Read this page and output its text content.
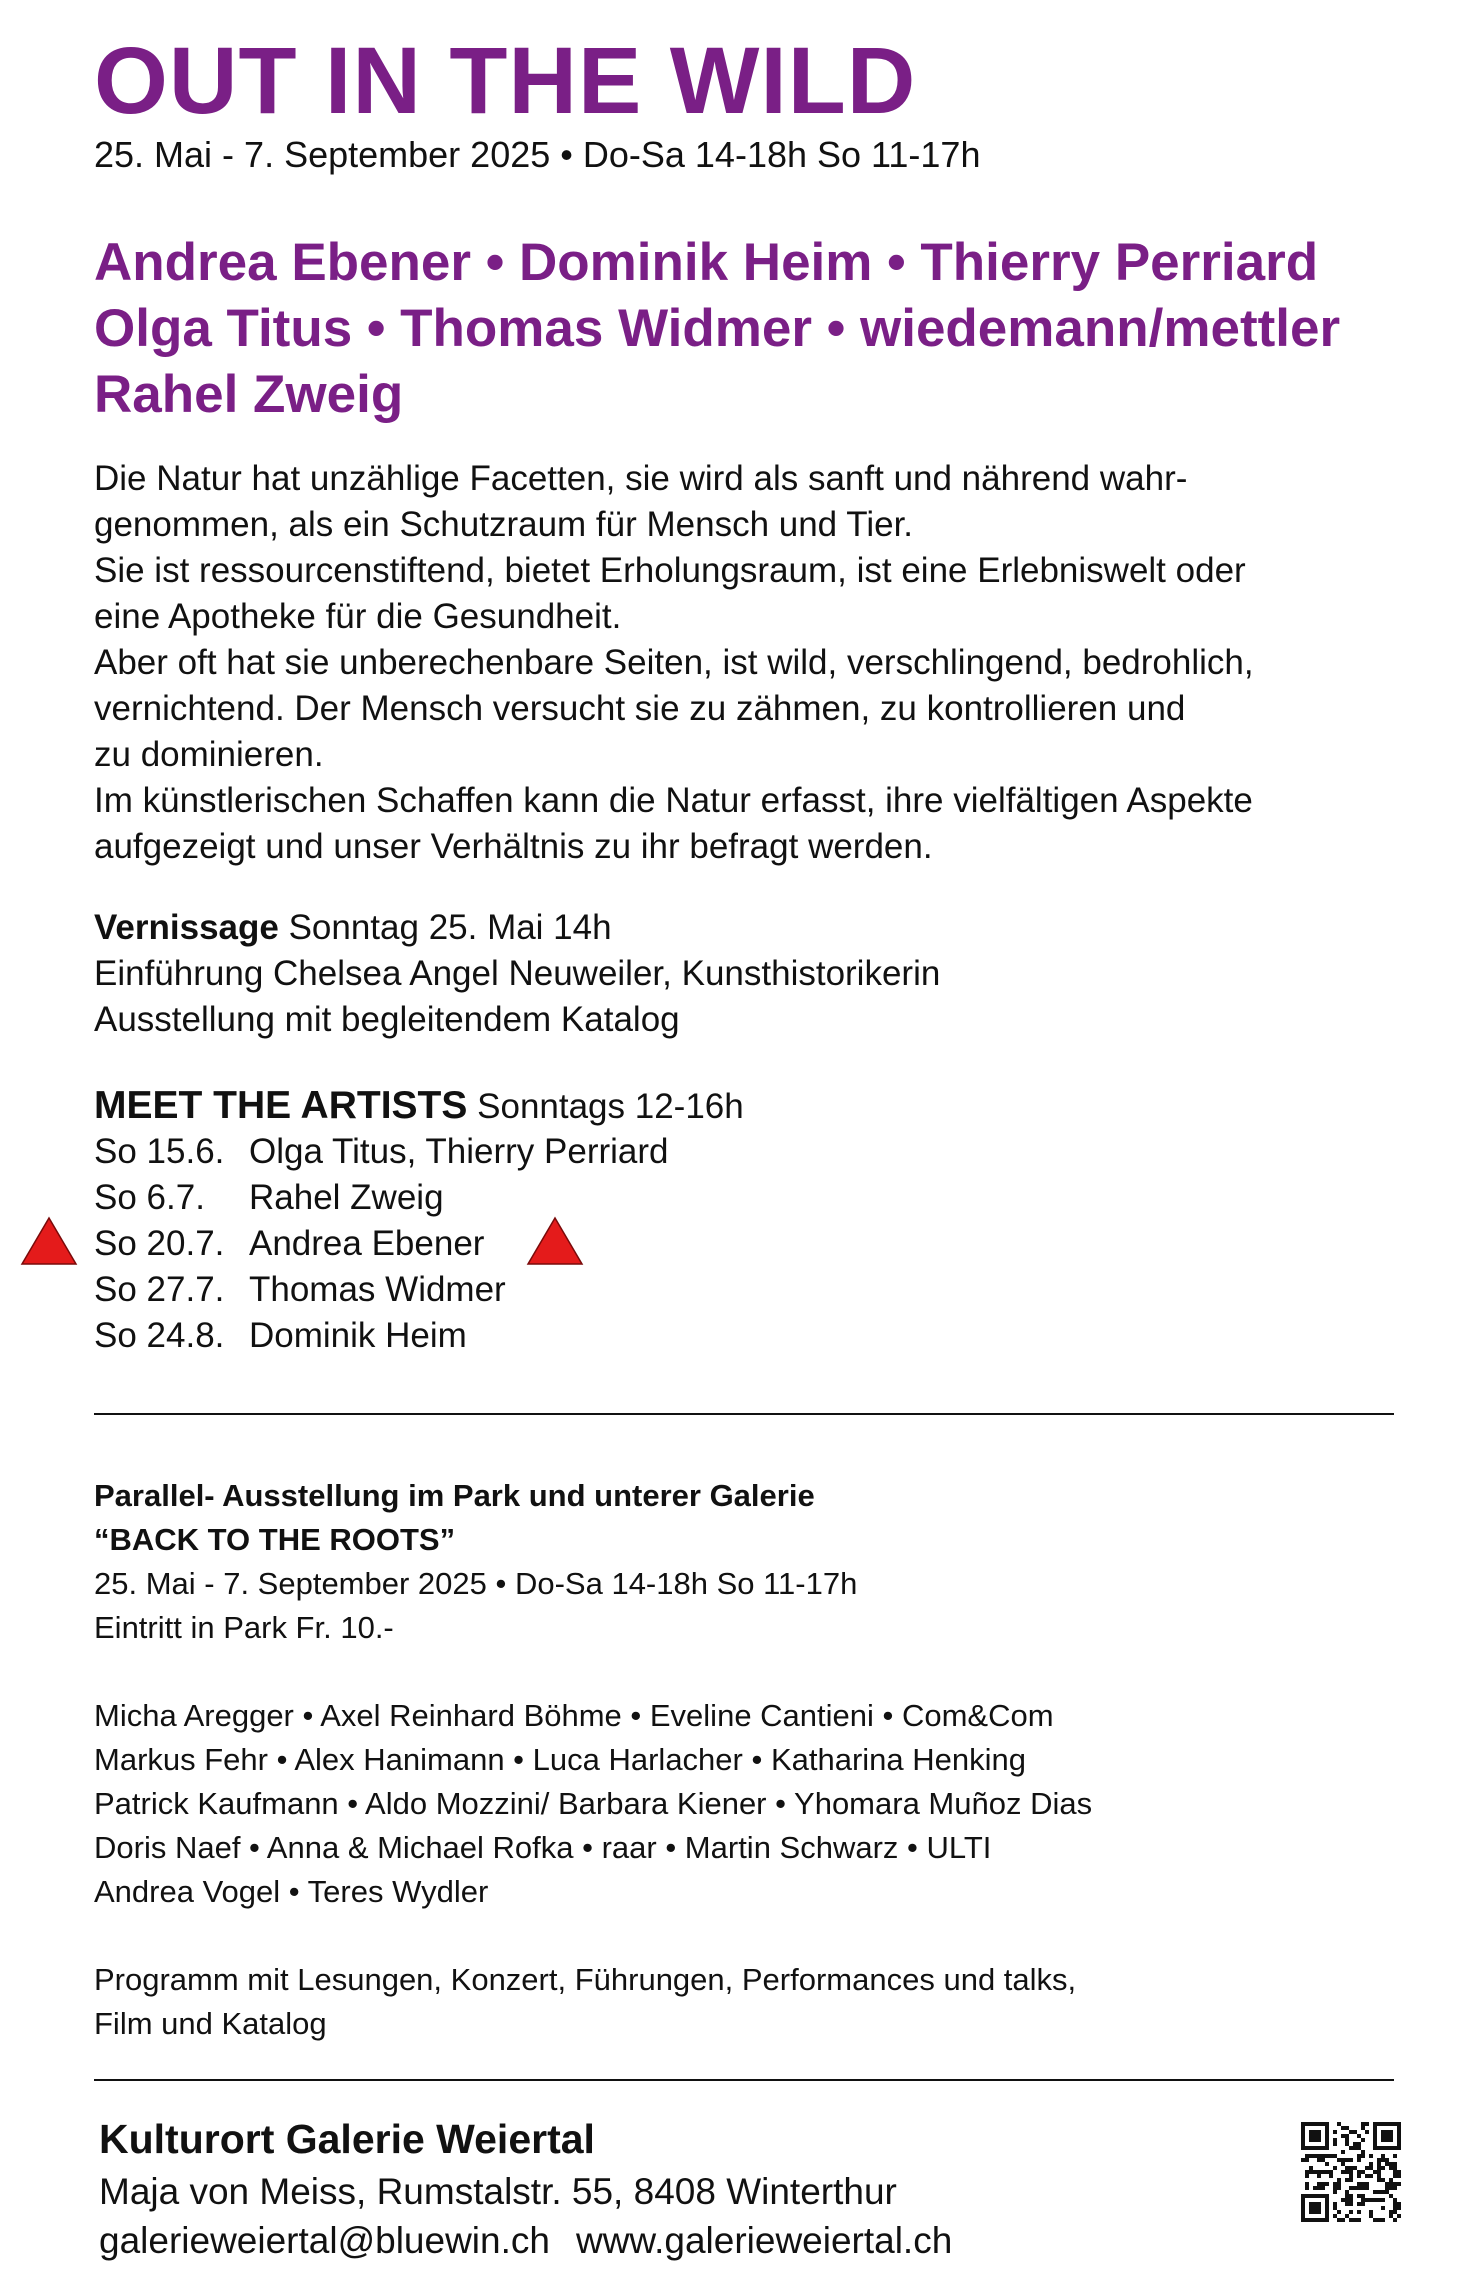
OUT IN THE WILD
25. Mai - 7. September 2025 • Do-Sa 14-18h So 11-17h
Andrea Ebener • Dominik Heim • Thierry Perriard
Olga Titus • Thomas Widmer • wiedemann/mettler
Rahel Zweig
Die Natur hat unzählige Facetten, sie wird als sanft und nährend wahr-
genommen, als ein Schutzraum für Mensch und Tier.
Sie ist ressourcenstiftend, bietet Erholungsraum, ist eine Erlebniswelt oder
eine Apotheke für die Gesundheit.
Aber oft hat sie unberechenbare Seiten, ist wild, verschlingend, bedrohlich,
vernichtend. Der Mensch versucht sie zu zähmen, zu kontrollieren und
zu dominieren.
Im künstlerischen Schaffen kann die Natur erfasst, ihre vielfältigen Aspekte
aufgezeigt und unser Verhältnis zu ihr befragt werden.
Vernissage Sonntag 25. Mai 14h
Einführung Chelsea Angel Neuweiler, Kunsthistorikerin
Ausstellung mit begleitendem Katalog
MEET THE ARTISTS Sonntags 12-16h
So 15.6. Olga Titus, Thierry Perriard
So 6.7. Rahel Zweig
So 20.7. Andrea Ebener
So 27.7. Thomas Widmer
So 24.8. Dominik Heim
Parallel- Ausstellung im Park und unterer Galerie
“BACK TO THE ROOTS”
25. Mai - 7. September 2025 • Do-Sa 14-18h So 11-17h
Eintritt in Park Fr. 10.-
Micha Aregger • Axel Reinhard Böhme • Eveline Cantieni • Com&Com
Markus Fehr • Alex Hanimann • Luca Harlacher • Katharina Henking
Patrick Kaufmann • Aldo Mozzini/ Barbara Kiener • Yhomara Muñoz Dias
Doris Naef • Anna & Michael Rofka • raar • Martin Schwarz • ULTI
Andrea Vogel • Teres Wydler
Programm mit Lesungen, Konzert, Führungen, Performances und talks,
Film und Katalog
Kulturort Galerie Weiertal
Maja von Meiss, Rumstalstr. 55, 8408 Winterthur
galerieweiertal@bluewin.ch www.galerieweiertal.ch
